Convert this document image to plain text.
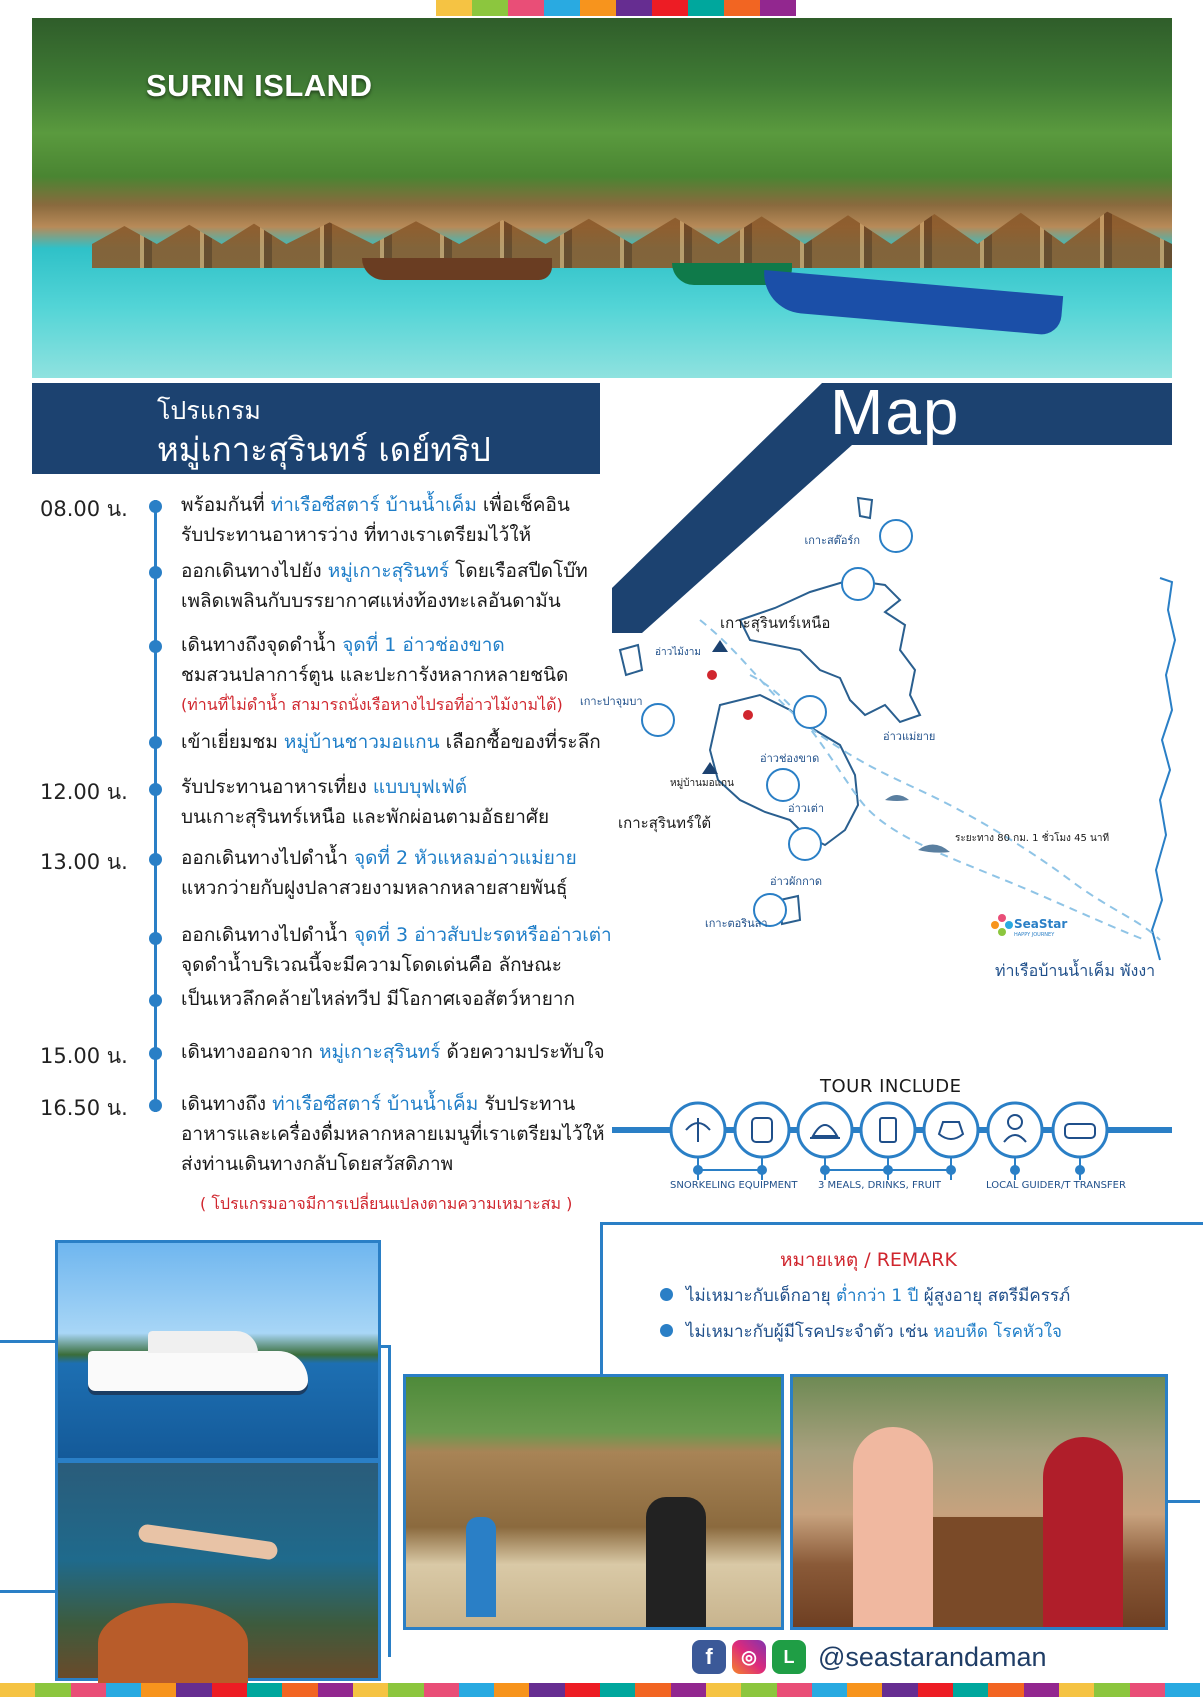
SURIN ISLAND
โปรแกรม
หมู่เกาะสุรินทร์ เดย์ทริป
Map
08.00 น.	พร้อมกันที่ ท่าเรือซีสตาร์ บ้านน้ำเค็ม เพื่อเช็คอิน
รับประทานอาหารว่าง ที่ทางเราเตรียมไว้ให้
ออกเดินทางไปยัง หมู่เกาะสุรินทร์ โดยเรือสปีดโบ๊ท
เพลิดเพลินกับบรรยากาศแห่งท้องทะเลอันดามัน
เดินทางถึงจุดดำน้ำ จุดที่ 1 อ่าวช่องขาด
ชมสวนปลาการ์ตูน และปะการังหลากหลายชนิด
(ท่านที่ไม่ดำน้ำ สามารถนั่งเรือหางไปรอที่อ่าวไม้งามได้)
เข้าเยี่ยมชม หมู่บ้านชาวมอแกน เลือกซื้อของที่ระลึก
12.00 น.	รับประทานอาหารเที่ยง แบบบุฟเฟ่ต์
บนเกาะสุรินทร์เหนือ และพักผ่อนตามอัธยาศัย
13.00 น.	ออกเดินทางไปดำน้ำ จุดที่ 2 หัวแหลมอ่าวแม่ยาย
แหวกว่ายกับฝูงปลาสวยงามหลากหลายสายพันธุ์
ออกเดินทางไปดำน้ำ จุดที่ 3 อ่าวสับปะรดหรืออ่าวเต่า
จุดดำน้ำบริเวณนี้จะมีความโดดเด่นคือ ลักษณะ
เป็นเหวลึกคล้ายไหล่ทวีป มีโอกาศเจอสัตว์หายาก
15.00 น.	เดินทางออกจาก หมู่เกาะสุรินทร์ ด้วยความประทับใจ
16.50 น.	เดินทางถึง ท่าเรือซีสตาร์ บ้านน้ำเค็ม รับประทาน
อาหารและเครื่องดื่มหลากหลายเมนูที่เราเตรียมไว้ให้
ส่งท่านเดินทางกลับโดยสวัสดิภาพ
( โปรแกรมอาจมีการเปลี่ยนแปลงตามความเหมาะสม )
เกาะสต๊อร์ก
เกาะสุรินทร์เหนือ
อ่าวไม้งาม
เกาะปาจุมบา
อ่าวแม่ยาย
อ่าวช่องขาด
หมู่บ้านมอแกน
อ่าวเต่า
เกาะสุรินทร์ใต้
ระยะทาง 80 กม. 1 ชั่วโมง 45 นาที
อ่าวผักกาด
เกาะตอรินลา	SeaStar
HAPPY JOURNEY
ท่าเรือบ้านน้ำเค็ม พังงา
TOUR INCLUDE
SNORKELING EQUIPMENT 3 MEALS, DRINKS, FRUIT	LOCAL GUIDE R/T TRANSFER
หมายเหตุ / REMARK
ไม่เหมาะกับเด็กอายุ ต่ำกว่า 1 ปี ผู้สูงอายุ สตรีมีครรภ์
ไม่เหมาะกับผู้มีโรคประจำตัว เช่น หอบหืด โรคหัวใจ
f	◎	L @seastarandaman
